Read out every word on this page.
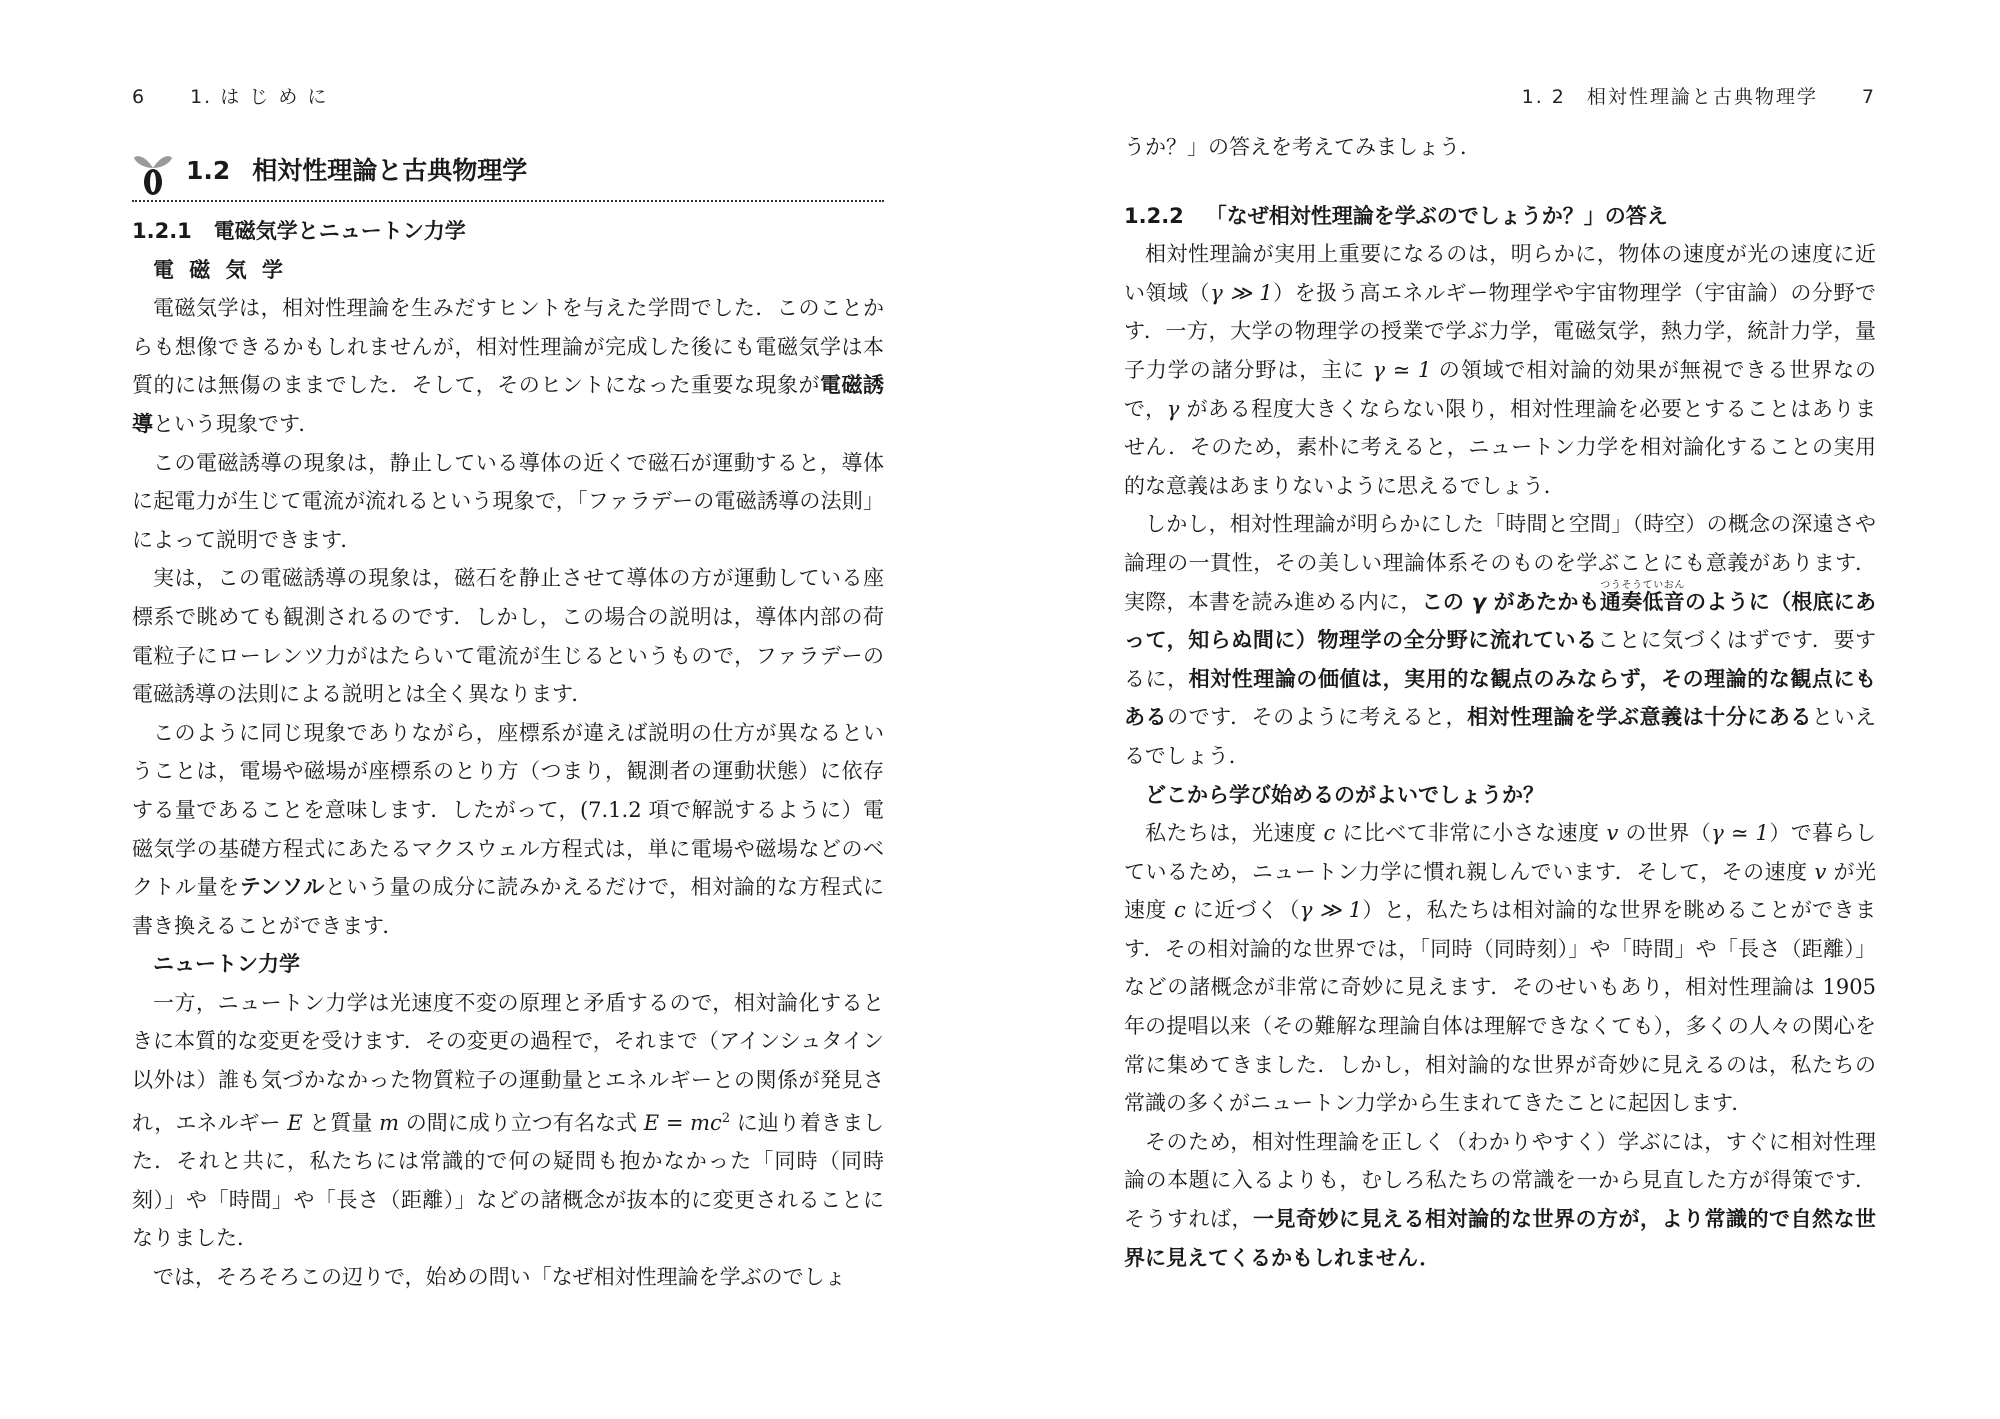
6 1. は じ め に
1.2 相対性理論と古典物理学
1.2.1 電磁気学とニュートン力学
電 磁 気 学

電磁気学は，相対性理論を生みだすヒントを与えた学問でした．このことからも想像できるかもしれませんが，相対性理論が完成した後にも電磁気学は本質的には無傷のままでした．そして，そのヒントになった重要な現象が電磁誘導という現象です．

この電磁誘導の現象は，静止している導体の近くで磁石が運動すると，導体に起電力が生じて電流が流れるという現象で，「ファラデーの電磁誘導の法則」によって説明できます．

実は，この電磁誘導の現象は，磁石を静止させて導体の方が運動している座標系で眺めても観測されるのです．しかし，この場合の説明は，導体内部の荷電粒子にローレンツ力がはたらいて電流が生じるというもので，ファラデーの電磁誘導の法則による説明とは全く異なります．

このように同じ現象でありながら，座標系が違えば説明の仕方が異なるということは，電場や磁場が座標系のとり方（つまり，観測者の運動状態）に依存する量であることを意味します．したがって，(7.1.2 項で解説するように）電磁気学の基礎方程式にあたるマクスウェル方程式は，単に電場や磁場などのベクトル量をテンソルという量の成分に読みかえるだけで，相対論的な方程式に書き換えることができます．

ニュートン力学

一方，ニュートン力学は光速度不変の原理と矛盾するので，相対論化するときに本質的な変更を受けます．その変更の過程で，それまで（アインシュタイン以外は）誰も気づかなかった物質粒子の運動量とエネルギーとの関係が発見され，エネルギー E と質量 m の間に成り立つ有名な式 $E = mc^2$ に辿り着きました．それと共に，私たちには常識的で何の疑問も抱かなかった「同時（同時刻）」や「時間」や「長さ（距離）」などの諸概念が抜本的に変更されることになりました．

では，そろそろこの辺りで，始めの問い「なぜ相対性理論を学ぶのでしょ

1. 2　相対性理論と古典物理学 7

うか？」の答えを考えてみましょう．

1.2.2 「なぜ相対性理論を学ぶのでしょうか？」の答え

相対性理論が実用上重要になるのは，明らかに，物体の速度が光の速度に近い領域（γ ≫ 1）を扱う高エネルギー物理学や宇宙物理学（宇宙論）の分野です．一方，大学の物理学の授業で学ぶ力学，電磁気学，熱力学，統計力学，量子力学の諸分野は，主に γ ≃ 1 の領域で相対論的効果が無視できる世界なので，γ がある程度大きくならない限り，相対性理論を必要とすることはありません．そのため，素朴に考えると，ニュートン力学を相対論化することの実用的な意義はあまりないように思えるでしょう．

しかし，相対性理論が明らかにした「時間と空間」（時空）の概念の深遠さや論理の一貫性，その美しい理論体系そのものを学ぶことにも意義があります．実際，本書を読み進める内に，この γ があたかも通奏低音つうそうていおんのように（根底にあって，知らぬ間に）物理学の全分野に流れていることに気づくはずです．要するに，相対性理論の価値は，実用的な観点のみならず，その理論的な観点にもあるのです．そのように考えると，相対性理論を学ぶ意義は十分にあるといえるでしょう．

どこから学び始めるのがよいでしょうか？

私たちは，光速度 c に比べて非常に小さな速度 v の世界（γ ≃ 1）で暮らしているため，ニュートン力学に慣れ親しんでいます．そして，その速度 v が光速度 c に近づく（γ ≫ 1）と，私たちは相対論的な世界を眺めることができます．その相対論的な世界では，「同時（同時刻）」や「時間」や「長さ（距離）」などの諸概念が非常に奇妙に見えます．そのせいもあり，相対性理論は 1905 年の提唱以来（その難解な理論自体は理解できなくても），多くの人々の関心を常に集めてきました．しかし，相対論的な世界が奇妙に見えるのは，私たちの常識の多くがニュートン力学から生まれてきたことに起因します．

そのため，相対性理論を正しく（わかりやすく）学ぶには，すぐに相対性理論の本題に入るよりも，むしろ私たちの常識を一から見直した方が得策です．そうすれば，一見奇妙に見える相対論的な世界の方が，より常識的で自然な世界に見えてくるかもしれません．
